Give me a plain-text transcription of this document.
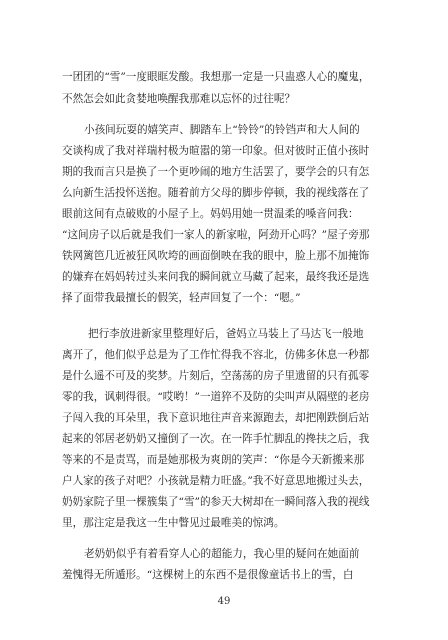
一团团的“雪”一度眼眶发酸。我想那一定是一只蛊惑人心的魔鬼，
不然怎会如此贪婪地唤醒我那难以忘怀的过往呢？
小孩间玩耍的嬉笑声、脚踏车上“铃铃”的铃铛声和大人间的
交谈构成了我对祥瑞村极为暄嚣的第一印象。但对彼时正值小孩时
期的我而言只是换了一个更吵闹的地方生活罢了，要学会的只有怎
么向新生活投怀送抱。随着前方父母的脚步停顿，我的视线落在了
眼前这间有点破败的小屋子上。妈妈用她一贯温柔的嗓音问我：
“这间房子以后就是我们一家人的新家啦，阿劲开心吗？”屋子旁那
铁网篱笆几近被狂风吹垮的画面倒映在我的眼中，脸上那不加掩饰
的嫌弃在妈妈转过头来问我的瞬间就立马藏了起来，最终我还是选
择了面带我最擅长的假笑，轻声回复了一个：“嗯。”
把行李放进新家里整理好后，爸妈立马装上了马达飞一般地
离开了，他们似乎总是为了工作忙得我不容北，仿佛多休息一秒都
是什么遥不可及的奖梦。片刻后，空荡荡的房子里遗留的只有孤零
零的我，讽刺得很。“哎哟！”一道猝不及防的尖叫声从隔壁的老房
子闯入我的耳朵里，我下意识地往声音来源跑去，却把刚跌倒后站
起来的邻居老奶奶又撞倒了一次。在一阵手忙脚乱的搀扶之后，我
等来的不是责骂，而是她那极为爽朗的笑声：“你是今天新搬来那
户人家的孩子对吧？小孩就是精力旺盛。”我不好意思地搬过头去，
奶奶家院子里一棵簇集了“雪”的参天大树却在一瞬间落入我的视线
里，那注定是我这一生中瞥见过最唯美的惊鸿。
老奶奶似乎有着看穿人心的超能力，我心里的疑问在她面前
羞愧得无所遁形。“这棵树上的东西不是很像童话书上的雪，白
49
